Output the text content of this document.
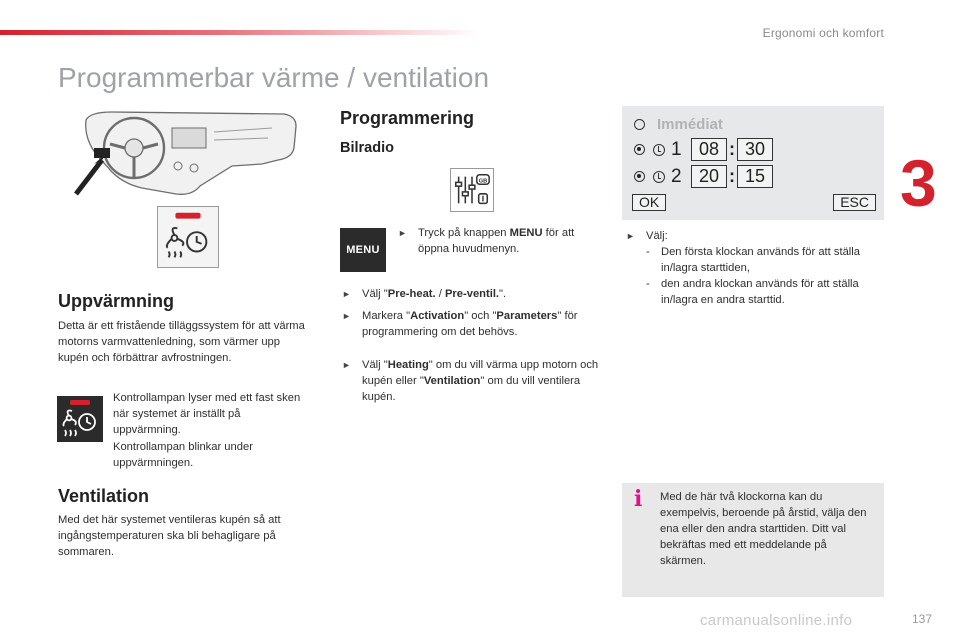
Ergonomi och komfort
3
Programmerbar värme / ventilation
Uppvärmning

Detta är ett fristående tilläggssystem för att värma motorns varmvattenledning, som värmer upp kupén och förbättrar avfrostningen.

Kontrollampan lyser med ett fast sken när systemet är inställt på uppvärmning.

Kontrollampan blinkar under uppvärmningen.

Ventilation

Med det här systemet ventileras kupén så att ingångstemperaturen ska bli behagligare på sommaren.

Programmering
Bilradio
GB
MENU
► Tryck på knappen MENU för att öppna huvudmenyn.
► Välj "Pre-heat. / Pre-ventil.".
► Markera "Activation" och "Parameters" för programmering om det behövs.
► Välj "Heating" om du vill värma upp motorn och kupén eller "Ventilation" om du vill ventilera kupén.
Immédiat
1 08 : 30
2 20 : 15
OK	ESC
► Välj:
-	Den första klockan används för att ställa in/lagra starttiden,
-	den andra klockan används för att ställa in/lagra en andra starttid.
i Med de här två klockorna kan du exempelvis, beroende på årstid, välja den ena eller den andra starttiden. Ditt val bekräftas med ett meddelande på skärmen.

carmanualsonline.info	137
